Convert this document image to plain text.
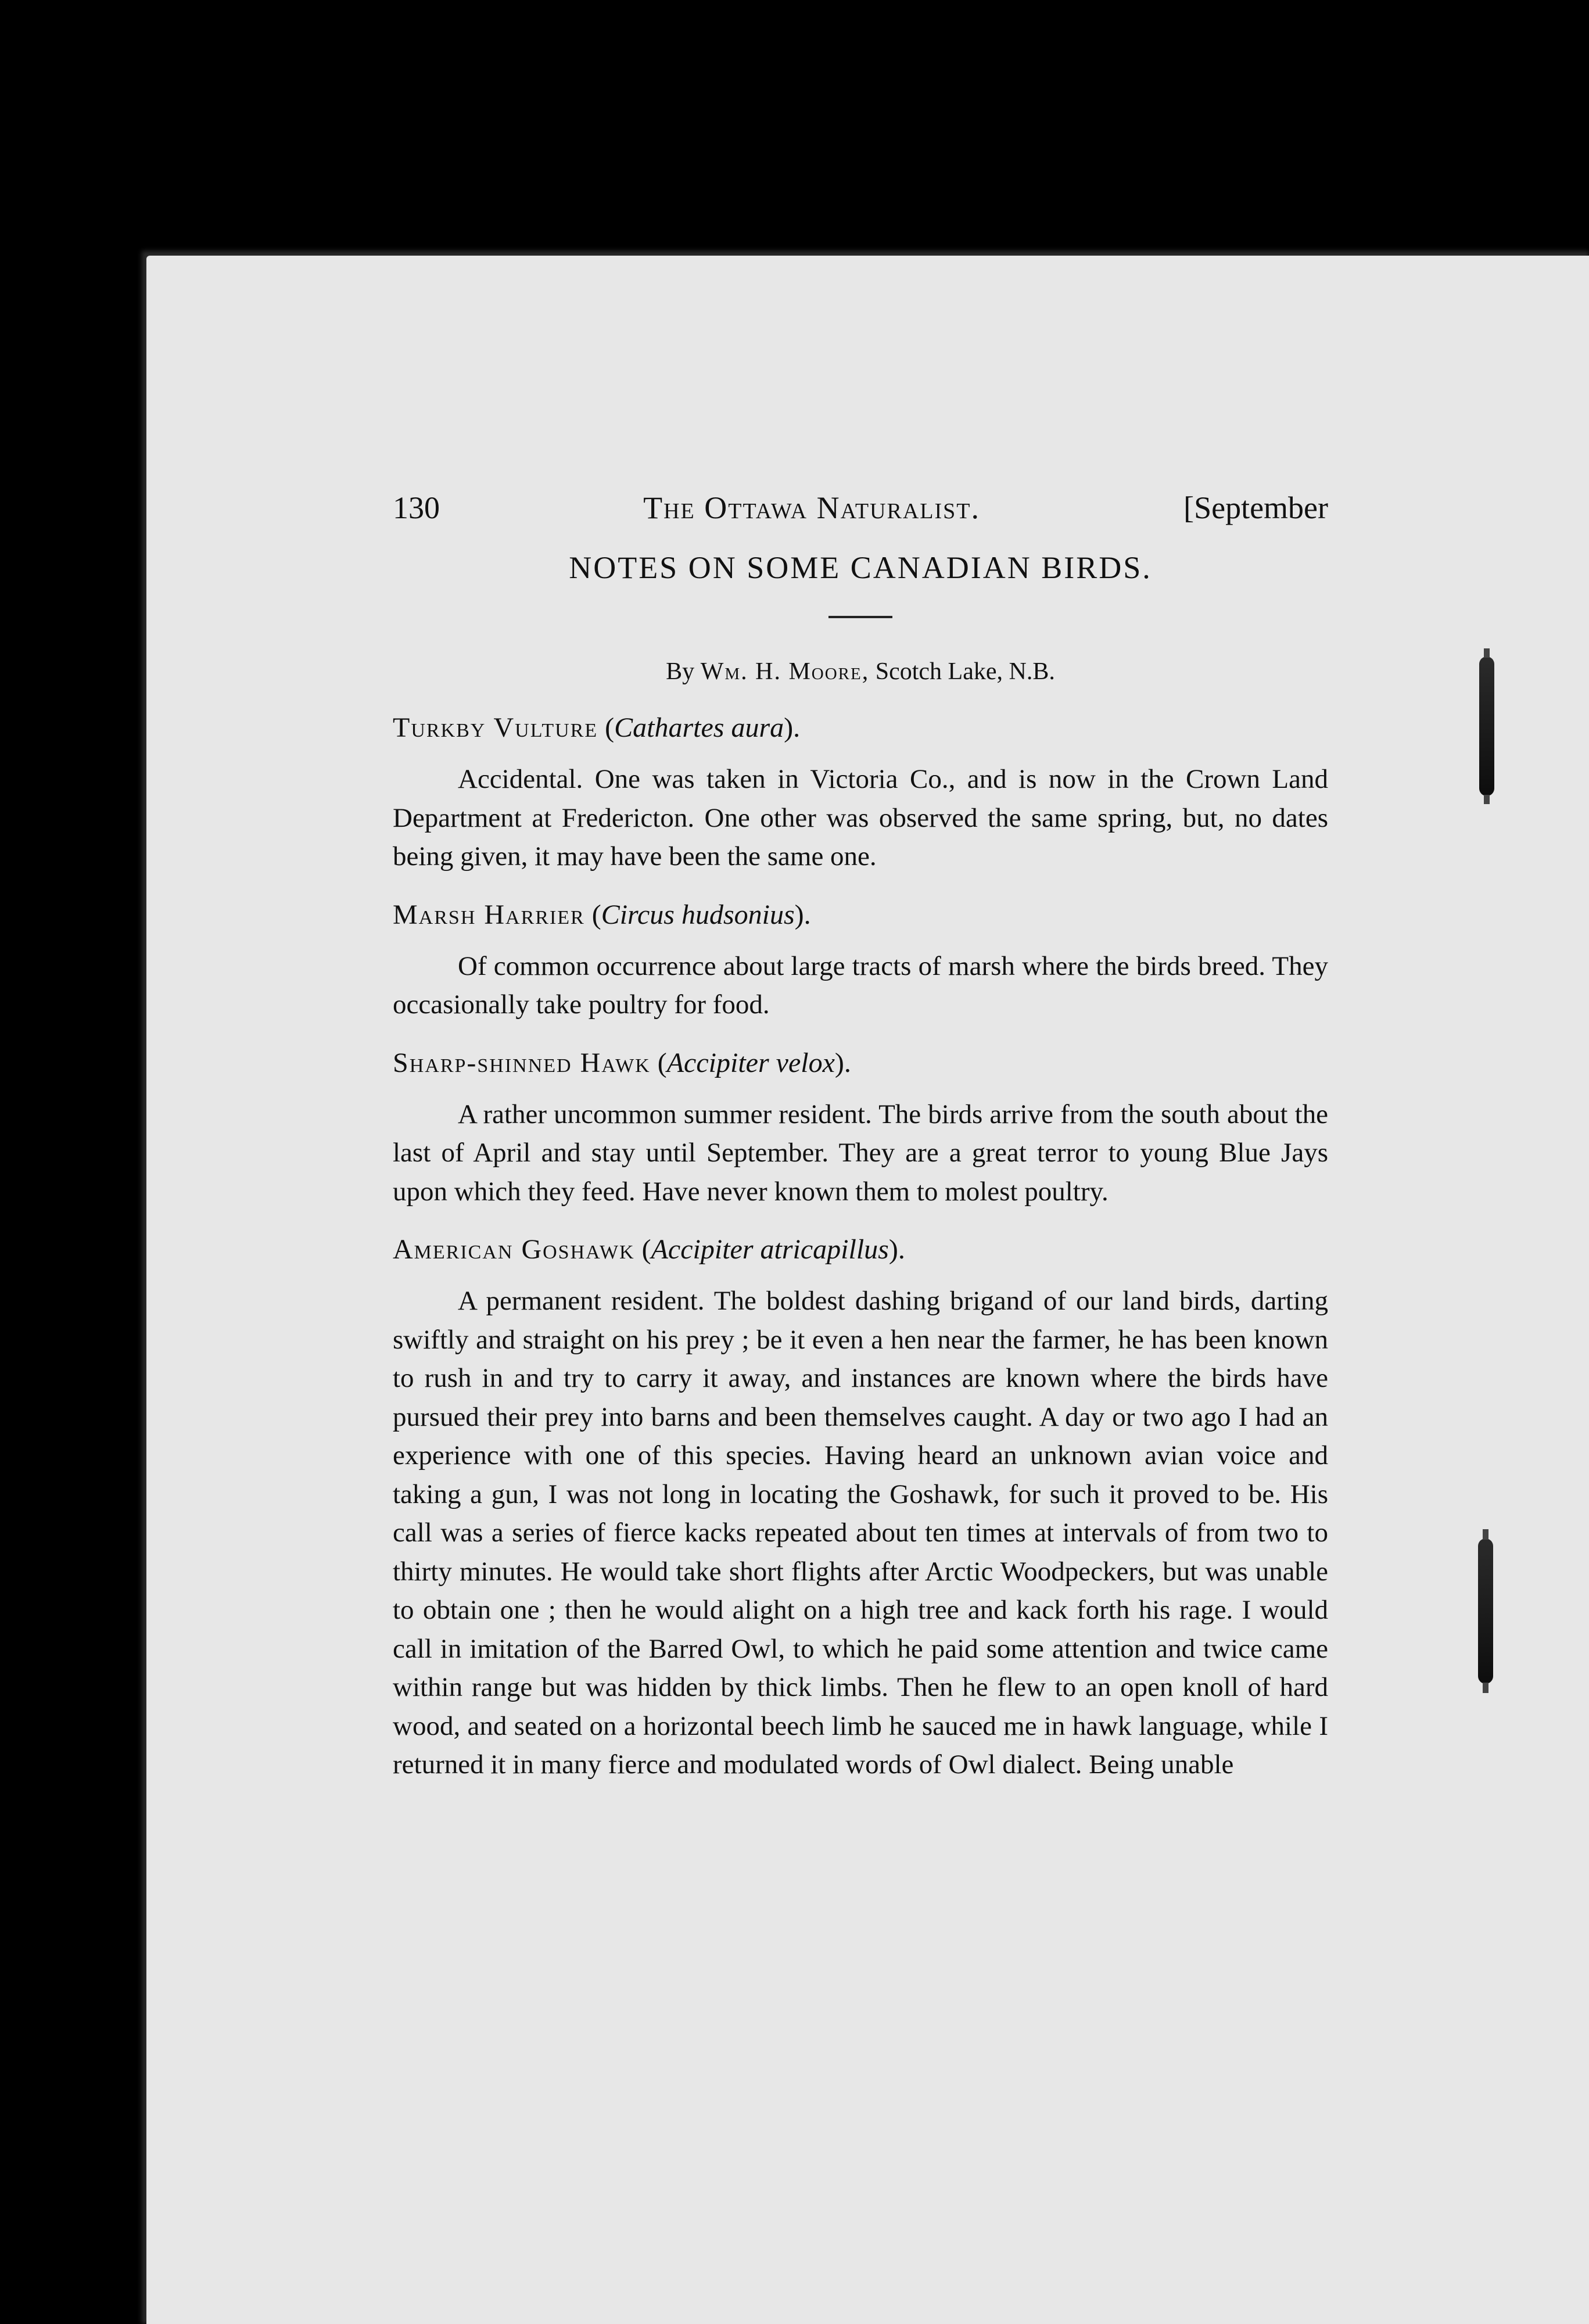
130	The Ottawa Naturalist.	[September
NOTES ON SOME CANADIAN BIRDS.
By Wm. H. Moore, Scotch Lake, N.B.
Turkby Vulture (Cathartes aura).

Accidental. One was taken in Victoria Co., and is now in the Crown Land Department at Fredericton. One other was observed the same spring, but, no dates being given, it may have been the same one.

Marsh Harrier (Circus hudsonius).

Of common occurrence about large tracts of marsh where the birds breed. They occasionally take poultry for food.

Sharp-shinned Hawk (Accipiter velox).

A rather uncommon summer resident. The birds arrive from the south about the last of April and stay until September. They are a great terror to young Blue Jays upon which they feed. Have never known them to molest poultry.

American Goshawk (Accipiter atricapillus).

A permanent resident. The boldest dashing brigand of our land birds, darting swiftly and straight on his prey ; be it even a hen near the farmer, he has been known to rush in and try to carry it away, and instances are known where the birds have pursued their prey into barns and been themselves caught. A day or two ago I had an experience with one of this species. Having heard an unknown avian voice and taking a gun, I was not long in locating the Goshawk, for such it proved to be. His call was a series of fierce kacks repeated about ten times at intervals of from two to thirty minutes. He would take short flights after Arctic Woodpeckers, but was unable to obtain one ; then he would alight on a high tree and kack forth his rage. I would call in imitation of the Barred Owl, to which he paid some attention and twice came within range but was hidden by thick limbs. Then he flew to an open knoll of hard wood, and seated on a horizontal beech limb he sauced me in hawk language, while I returned it in many fierce and modulated words of Owl dialect. Being unable
